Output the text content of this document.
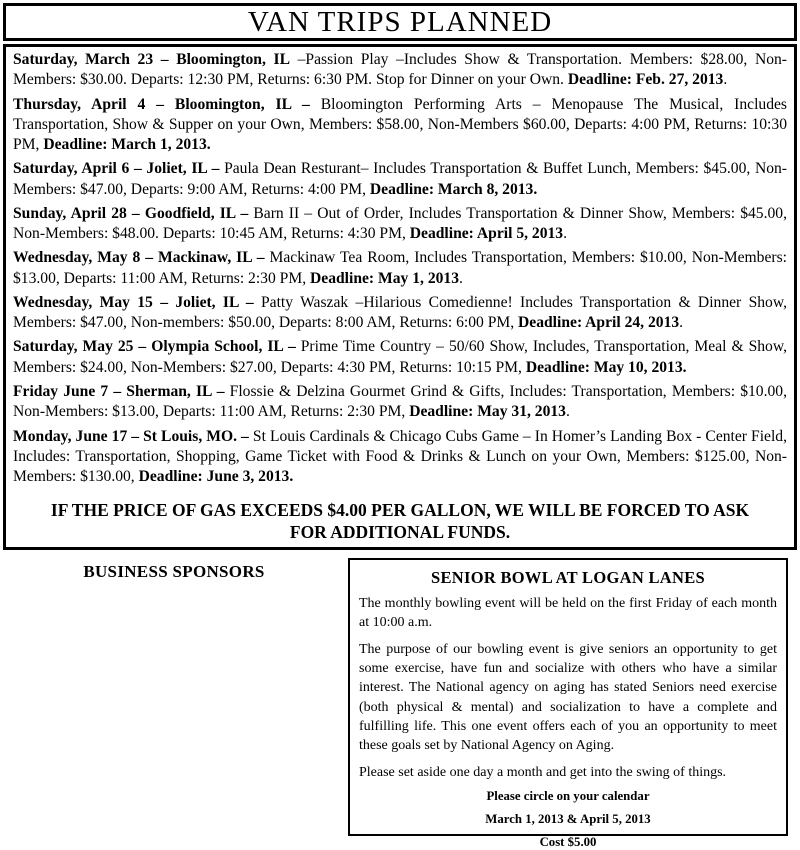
VAN TRIPS PLANNED

Saturday, March 23 – Bloomington, IL –Passion Play –Includes Show & Transportation. Members: $28.00, Non-Members: $30.00. Departs: 12:30 PM, Returns: 6:30 PM. Stop for Dinner on your Own. Deadline: Feb. 27, 2013.

Thursday, April 4 – Bloomington, IL – Bloomington Performing Arts – Menopause The Musical, Includes Transportation, Show & Supper on your Own, Members: $58.00, Non-Members $60.00, Departs: 4:00 PM, Returns: 10:30 PM, Deadline: March 1, 2013.

Saturday, April 6 – Joliet, IL – Paula Dean Resturant– Includes Transportation & Buffet Lunch, Members: $45.00, Non-Members: $47.00, Departs: 9:00 AM, Returns: 4:00 PM, Deadline: March 8, 2013.

Sunday, April 28 – Goodfield, IL – Barn II – Out of Order, Includes Transportation & Dinner Show, Members: $45.00, Non-Members: $48.00. Departs: 10:45 AM, Returns: 4:30 PM, Deadline: April 5, 2013.

Wednesday, May 8 – Mackinaw, IL – Mackinaw Tea Room, Includes Transportation, Members: $10.00, Non-Members: $13.00, Departs: 11:00 AM, Returns: 2:30 PM, Deadline: May 1, 2013.

Wednesday, May 15 – Joliet, IL – Patty Waszak –Hilarious Comedienne! Includes Transportation & Dinner Show, Members: $47.00, Non-members: $50.00, Departs: 8:00 AM, Returns: 6:00 PM, Deadline: April 24, 2013.

Saturday, May 25 – Olympia School, IL – Prime Time Country – 50/60 Show, Includes, Transportation, Meal & Show, Members: $24.00, Non-Members: $27.00, Departs: 4:30 PM, Returns: 10:15 PM, Deadline: May 10, 2013.

Friday June 7 – Sherman, IL – Flossie & Delzina Gourmet Grind & Gifts, Includes: Transportation, Members: $10.00, Non-Members: $13.00, Departs: 11:00 AM, Returns: 2:30 PM, Deadline: May 31, 2013.

Monday, June 17 – St Louis, MO. – St Louis Cardinals & Chicago Cubs Game – In Homer’s Landing Box - Center Field, Includes: Transportation, Shopping, Game Ticket with Food & Drinks & Lunch on your Own, Members: $125.00, Non-Members: $130.00, Deadline: June 3, 2013.

IF THE PRICE OF GAS EXCEEDS $4.00 PER GALLON, WE WILL BE FORCED TO ASK FOR ADDITIONAL FUNDS.

BUSINESS SPONSORS	SENIOR BOWL AT LOGAN LANES

The monthly bowling event will be held on the first Friday of each month at 10:00 a.m.

The purpose of our bowling event is give seniors an opportunity to get some exercise, have fun and socialize with others who have a similar interest. The National agency on aging has stated Seniors need exercise (both physical & mental) and socialization to have a complete and fulfilling life. This one event offers each of you an opportunity to meet these goals set by National Agency on Aging.

Please set aside one day a month and get into the swing of things.

Please circle on your calendar
March 1, 2013 & April 5, 2013
Cost $5.00
